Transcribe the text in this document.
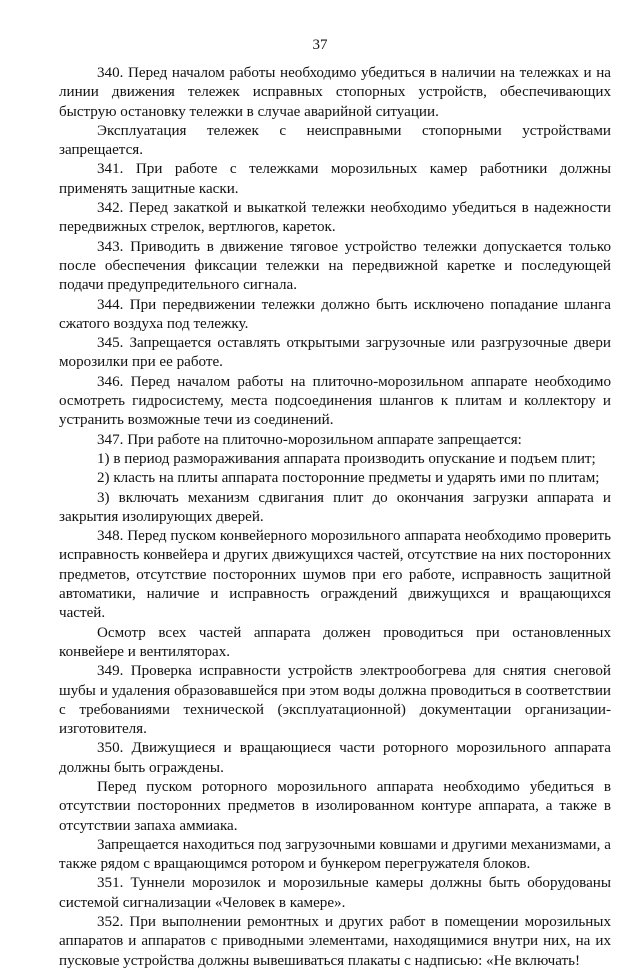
37

340. Перед началом работы необходимо убедиться в наличии на тележках и на линии движения тележек исправных стопорных устройств, обеспечивающих быструю остановку тележки в случае аварийной ситуации.

Эксплуатация тележек с неисправными стопорными устройствами запрещается.

341. При работе с тележками морозильных камер работники должны применять защитные каски.

342. Перед закаткой и выкаткой тележки необходимо убедиться в надежности передвижных стрелок, вертлюгов, кареток.

343. Приводить в движение тяговое устройство тележки допускается только после обеспечения фиксации тележки на передвижной каретке и последующей подачи предупредительного сигнала.

344. При передвижении тележки должно быть исключено попадание шланга сжатого воздуха под тележку.

345. Запрещается оставлять открытыми загрузочные или разгрузочные двери морозилки при ее работе.

346. Перед началом работы на плиточно-морозильном аппарате необходимо осмотреть гидросистему, места подсоединения шлангов к плитам и коллектору и устранить возможные течи из соединений.

347. При работе на плиточно-морозильном аппарате запрещается:

1) в период размораживания аппарата производить опускание и подъем плит;

2) класть на плиты аппарата посторонние предметы и ударять ими по плитам;

3) включать механизм сдвигания плит до окончания загрузки аппарата и закрытия изолирующих дверей.

348. Перед пуском конвейерного морозильного аппарата необходимо проверить исправность конвейера и других движущихся частей, отсутствие на них посторонних предметов, отсутствие посторонних шумов при его работе, исправность защитной автоматики, наличие и исправность ограждений движущихся и вращающихся частей.

Осмотр всех частей аппарата должен проводиться при остановленных конвейере и вентиляторах.

349. Проверка исправности устройств электрообогрева для снятия снеговой шубы и удаления образовавшейся при этом воды должна проводиться в соответствии с требованиями технической (эксплуатационной) документации организации-изготовителя.

350. Движущиеся и вращающиеся части роторного морозильного аппарата должны быть ограждены.

Перед пуском роторного морозильного аппарата необходимо убедиться в отсутствии посторонних предметов в изолированном контуре аппарата, а также в отсутствии запаха аммиака.

Запрещается находиться под загрузочными ковшами и другими механизмами, а также рядом с вращающимся ротором и бункером перегружателя блоков.

351. Туннели морозилок и морозильные камеры должны быть оборудованы системой сигнализации «Человек в камере».

352. При выполнении ремонтных и других работ в помещении морозильных аппаратов и аппаратов с приводными элементами, находящимися внутри них, на их пусковые устройства должны вывешиваться плакаты с надписью: «Не включать!
